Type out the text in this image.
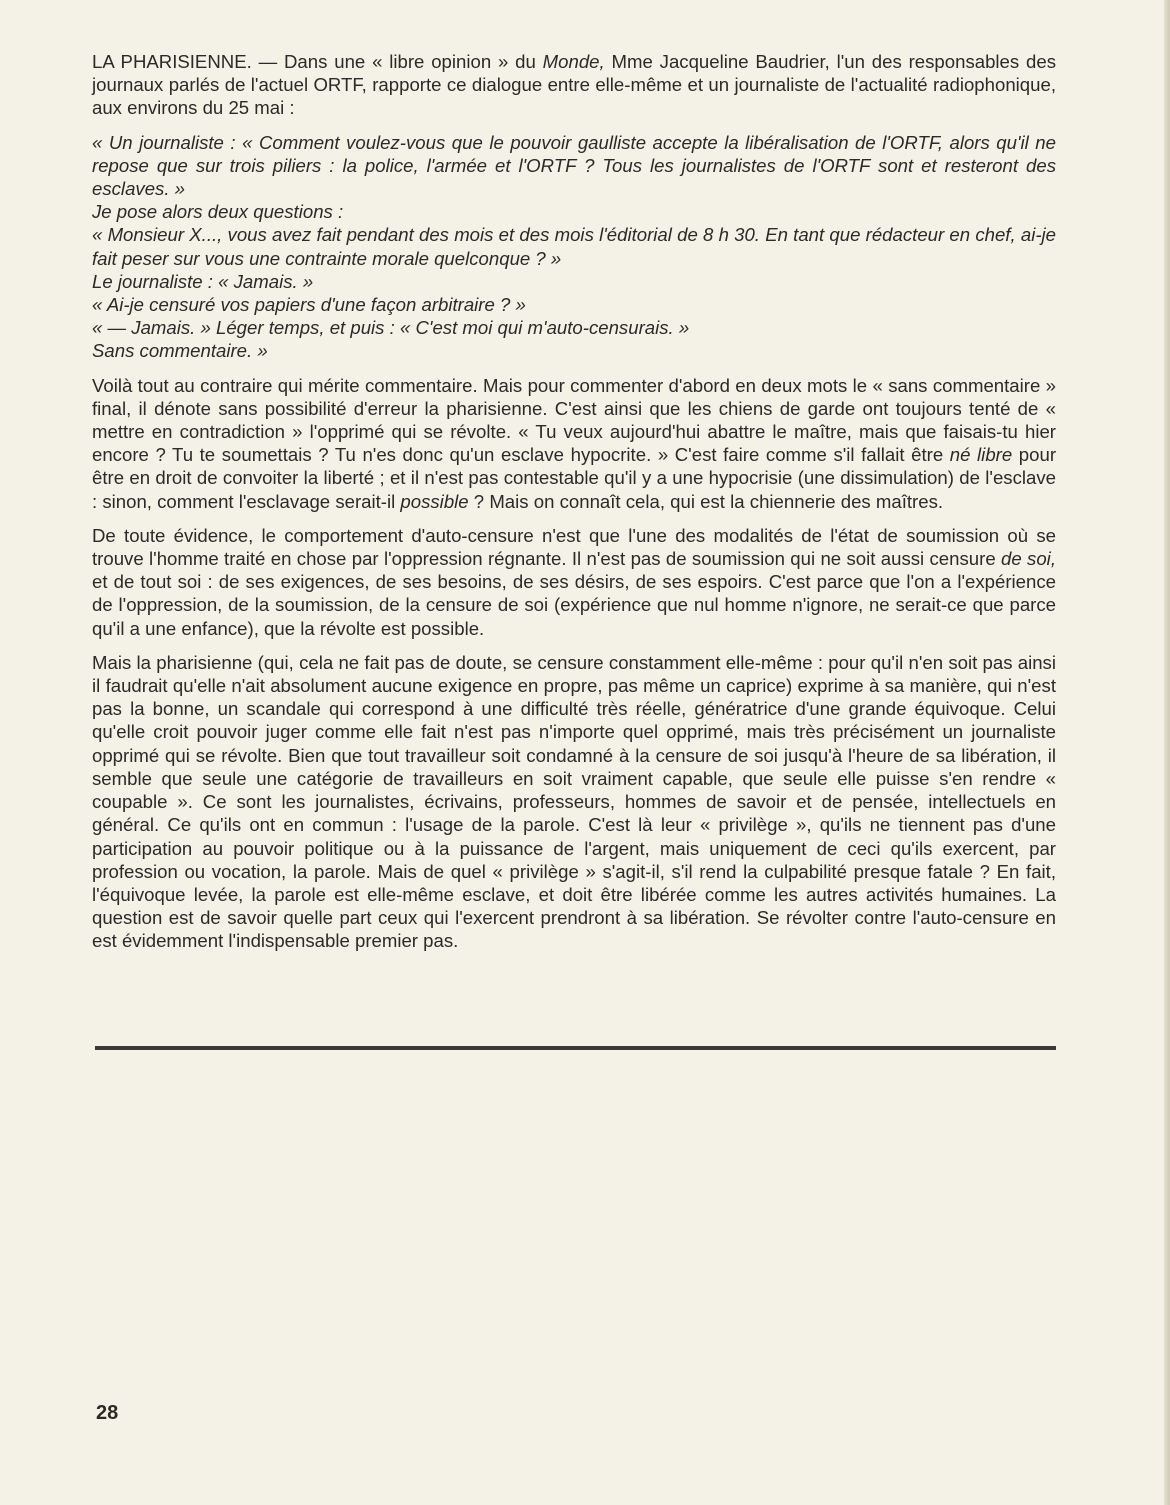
LA PHARISIENNE. — Dans une « libre opinion » du Monde, Mme Jacqueline Baudrier, l'un des responsables des journaux parlés de l'actuel ORTF, rapporte ce dialogue entre elle-même et un journaliste de l'actualité radiophonique, aux environs du 25 mai :

« Un journaliste : « Comment voulez-vous que le pouvoir gaulliste accepte la libéralisation de l'ORTF, alors qu'il ne repose que sur trois piliers : la police, l'armée et l'ORTF ? Tous les journalistes de l'ORTF sont et resteront des esclaves. »
Je pose alors deux questions :
« Monsieur X..., vous avez fait pendant des mois et des mois l'éditorial de 8 h 30. En tant que rédacteur en chef, ai-je fait peser sur vous une contrainte morale quelconque ? »
Le journaliste : « Jamais. »
« Ai-je censuré vos papiers d'une façon arbitraire ? »
« — Jamais. » Léger temps, et puis : « C'est moi qui m'auto-censurais. »
Sans commentaire. »

Voilà tout au contraire qui mérite commentaire. Mais pour commenter d'abord en deux mots le « sans commentaire » final, il dénote sans possibilité d'erreur la pharisienne. C'est ainsi que les chiens de garde ont toujours tenté de « mettre en contradiction » l'opprimé qui se révolte. « Tu veux aujourd'hui abattre le maître, mais que faisais-tu hier encore ? Tu te soumettais ? Tu n'es donc qu'un esclave hypocrite. » C'est faire comme s'il fallait être né libre pour être en droit de convoiter la liberté ; et il n'est pas contestable qu'il y a une hypocrisie (une dissimulation) de l'esclave : sinon, comment l'esclavage serait-il possible ? Mais on connaît cela, qui est la chiennerie des maîtres.

De toute évidence, le comportement d'auto-censure n'est que l'une des modalités de l'état de soumission où se trouve l'homme traité en chose par l'oppression régnante. Il n'est pas de soumission qui ne soit aussi censure de soi, et de tout soi : de ses exigences, de ses besoins, de ses désirs, de ses espoirs. C'est parce que l'on a l'expérience de l'oppression, de la soumission, de la censure de soi (expérience que nul homme n'ignore, ne serait-ce que parce qu'il a une enfance), que la révolte est possible.

Mais la pharisienne (qui, cela ne fait pas de doute, se censure constamment elle-même : pour qu'il n'en soit pas ainsi il faudrait qu'elle n'ait absolument aucune exigence en propre, pas même un caprice) exprime à sa manière, qui n'est pas la bonne, un scandale qui correspond à une difficulté très réelle, génératrice d'une grande équivoque. Celui qu'elle croit pouvoir juger comme elle fait n'est pas n'importe quel opprimé, mais très précisément un journaliste opprimé qui se révolte. Bien que tout travailleur soit condamné à la censure de soi jusqu'à l'heure de sa libération, il semble que seule une catégorie de travailleurs en soit vraiment capable, que seule elle puisse s'en rendre « coupable ». Ce sont les journalistes, écrivains, professeurs, hommes de savoir et de pensée, intellectuels en général. Ce qu'ils ont en commun : l'usage de la parole. C'est là leur « privilège », qu'ils ne tiennent pas d'une participation au pouvoir politique ou à la puissance de l'argent, mais uniquement de ceci qu'ils exercent, par profession ou vocation, la parole. Mais de quel « privilège » s'agit-il, s'il rend la culpabilité presque fatale ? En fait, l'équivoque levée, la parole est elle-même esclave, et doit être libérée comme les autres activités humaines. La question est de savoir quelle part ceux qui l'exercent prendront à sa libération. Se révolter contre l'auto-censure en est évidemment l'indispensable premier pas.

28
